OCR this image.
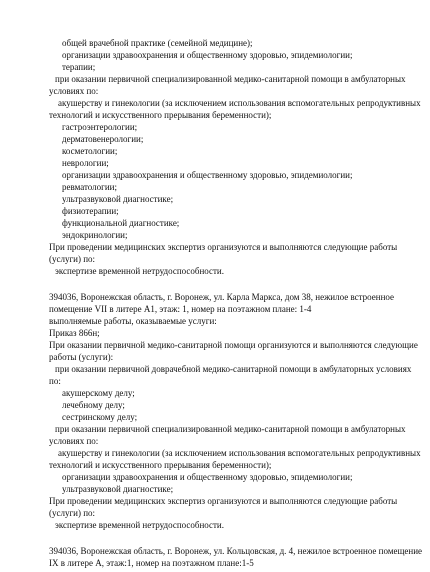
общей врачебной практике (семейной медицине);
организации здравоохранения и общественному здоровью, эпидемиологии;
терапии;
при оказании первичной специализированной медико-санитарной помощи в амбулаторных
условиях по:
акушерству и гинекологии (за исключением использования вспомогательных репродуктивных
технологий и искусственного прерывания беременности);
гастроэнтерологии;
дерматовенерологии;
косметологии;
неврологии;
организации здравоохранения и общественному здоровью, эпидемиологии;
ревматологии;
ультразвуковой диагностике;
физиотерапии;
функциональной диагностике;
эндокринологии;
При проведении медицинских экспертиз организуются и выполняются следующие работы
(услуги) по:
экспертизе временной нетрудоспособности.
394036, Воронежская область, г. Воронеж, ул. Карла Маркса, дом 38, нежилое встроенное
помещение VII в литере А1, этаж: 1, номер на поэтажном плане: 1-4
выполняемые работы, оказываемые услуги:
Приказ 866н;
При оказании первичной медико-санитарной помощи организуются и выполняются следующие
работы (услуги):
при оказании первичной доврачебной медико-санитарной помощи в амбулаторных условиях
по:
акушерскому делу;
лечебному делу;
сестринскому делу;
при оказании первичной специализированной медико-санитарной помощи в амбулаторных
условиях по:
акушерству и гинекологии (за исключением использования вспомогательных репродуктивных
технологий и искусственного прерывания беременности);
организации здравоохранения и общественному здоровью, эпидемиологии;
ультразвуковой диагностике;
При проведении медицинских экспертиз организуются и выполняются следующие работы
(услуги) по:
экспертизе временной нетрудоспособности.
394036, Воронежская область, г. Воронеж, ул. Кольцовская, д. 4, нежилое встроенное помещение
IX в литере А, этаж:1, номер на поэтажном плане:1-5
